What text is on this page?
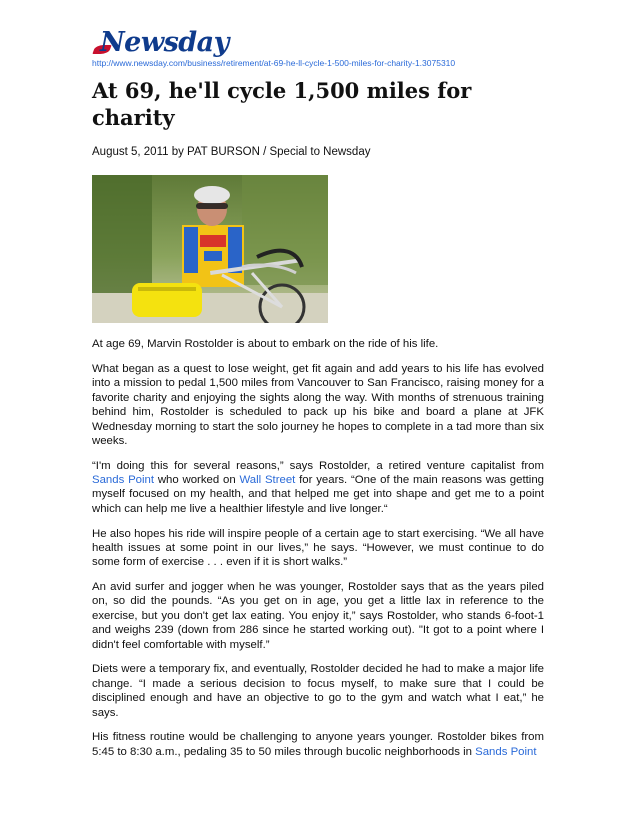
Newsday
http://www.newsday.com/business/retirement/at-69-he-ll-cycle-1-500-miles-for-charity-1.3075310
At 69, he'll cycle 1,500 miles for charity
August 5, 2011 by PAT BURSON / Special to Newsday

At age 69, Marvin Rostolder is about to embark on the ride of his life.

What began as a quest to lose weight, get fit again and add years to his life has evolved into a mission to pedal 1,500 miles from Vancouver to San Francisco, raising money for a favorite charity and enjoying the sights along the way. With months of strenuous training behind him, Rostolder is scheduled to pack up his bike and board a plane at JFK Wednesday morning to start the solo journey he hopes to complete in a tad more than six weeks.

“I'm doing this for several reasons,” says Rostolder, a retired venture capitalist from Sands Point who worked on Wall Street for years. “One of the main reasons was getting myself focused on my health, and that helped me get into shape and get me to a point which can help me live a healthier lifestyle and live longer.“

He also hopes his ride will inspire people of a certain age to start exercising. “We all have health issues at some point in our lives,” he says. “However, we must continue to do some form of exercise . . . even if it is short walks.”

An avid surfer and jogger when he was younger, Rostolder says that as the years piled on, so did the pounds. “As you get on in age, you get a little lax in reference to the exercise, but you don't get lax eating. You enjoy it,” says Rostolder, who stands 6-foot-1 and weighs 239 (down from 286 since he started working out). "It got to a point where I didn't feel comfortable with myself.”

Diets were a temporary fix, and eventually, Rostolder decided he had to make a major life change. “I made a serious decision to focus myself, to make sure that I could be disciplined enough and have an objective to go to the gym and watch what I eat,” he says.

His fitness routine would be challenging to anyone years younger. Rostolder bikes from 5:45 to 8:30 a.m., pedaling 35 to 50 miles through bucolic neighborhoods in Sands Point
